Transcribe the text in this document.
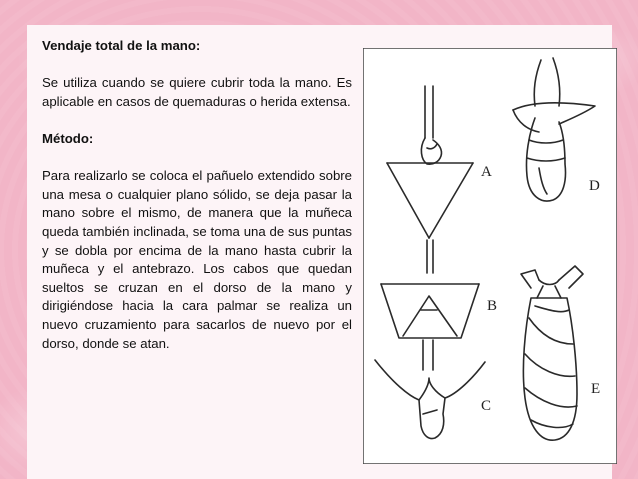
Vendaje total de la mano:

Se utiliza cuando se quiere cubrir toda la mano. Es aplicable en casos de quemaduras o herida extensa.

Método:

Para realizarlo se coloca el pañuelo extendido sobre una mesa o cualquier plano sólido, se deja pasar la mano sobre el mismo, de manera que la muñeca queda también inclinada, se toma una de sus puntas y se dobla por encima de la mano hasta cubrir la muñeca y el antebrazo. Los cabos que quedan sueltos se cruzan en el dorso de la mano y dirigiéndose hacia la cara palmar se realiza un nuevo cruzamiento para sacarlos de nuevo por el dorso, donde se atan.

A
B
C
D
E
